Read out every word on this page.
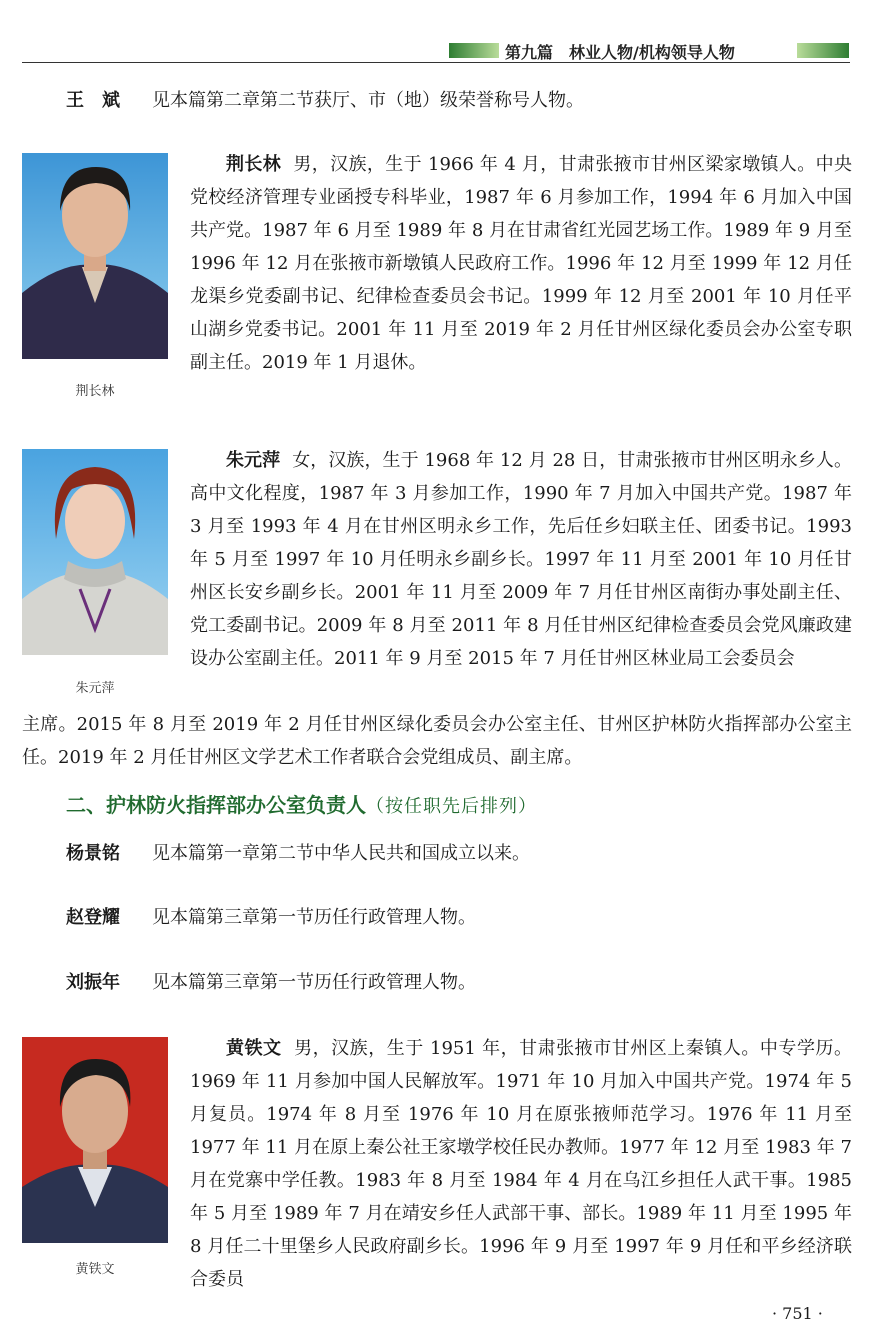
第九篇　林业人物/机构领导人物
王　斌 见本篇第二章第二节获厅、市（地）级荣誉称号人物。
荆长林

荆长林 男，汉族，生于 1966 年 4 月，甘肃张掖市甘州区梁家墩镇人。中央党校经济管理专业函授专科毕业，1987 年 6 月参加工作，1994 年 6 月加入中国共产党。1987 年 6 月至 1989 年 8 月在甘肃省红光园艺场工作。1989 年 9 月至 1996 年 12 月在张掖市新墩镇人民政府工作。1996 年 12 月至 1999 年 12 月任龙渠乡党委副书记、纪律检查委员会书记。1999 年 12 月至 2001 年 10 月任平山湖乡党委书记。2001 年 11 月至 2019 年 2 月任甘州区绿化委员会办公室专职副主任。2019 年 1 月退休。

朱元萍

朱元萍 女，汉族，生于 1968 年 12 月 28 日，甘肃张掖市甘州区明永乡人。高中文化程度，1987 年 3 月参加工作，1990 年 7 月加入中国共产党。1987 年 3 月至 1993 年 4 月在甘州区明永乡工作，先后任乡妇联主任、团委书记。1993 年 5 月至 1997 年 10 月任明永乡副乡长。1997 年 11 月至 2001 年 10 月任甘州区长安乡副乡长。2001 年 11 月至 2009 年 7 月任甘州区南街办事处副主任、党工委副书记。2009 年 8 月至 2011 年 8 月任甘州区纪律检查委员会党风廉政建设办公室副主任。2011 年 9 月至 2015 年 7 月任甘州区林业局工会委员会

主席。2015 年 8 月至 2019 年 2 月任甘州区绿化委员会办公室主任、甘州区护林防火指挥部办公室主任。2019 年 2 月任甘州区文学艺术工作者联合会党组成员、副主席。

二、护林防火指挥部办公室负责人（按任职先后排列）
杨景铭 见本篇第一章第二节中华人民共和国成立以来。
赵登耀 见本篇第三章第一节历任行政管理人物。
刘振年 见本篇第三章第一节历任行政管理人物。
黄铁文

黄铁文 男，汉族，生于 1951 年，甘肃张掖市甘州区上秦镇人。中专学历。1969 年 11 月参加中国人民解放军。1971 年 10 月加入中国共产党。1974 年 5 月复员。1974 年 8 月至 1976 年 10 月在原张掖师范学习。1976 年 11 月至 1977 年 11 月在原上秦公社王家墩学校任民办教师。1977 年 12 月至 1983 年 7 月在党寨中学任教。1983 年 8 月至 1984 年 4 月在乌江乡担任人武干事。1985 年 5 月至 1989 年 7 月在靖安乡任人武部干事、部长。1989 年 11 月至 1995 年 8 月任二十里堡乡人民政府副乡长。1996 年 9 月至 1997 年 9 月任和平乡经济联合委员

· 751 ·
